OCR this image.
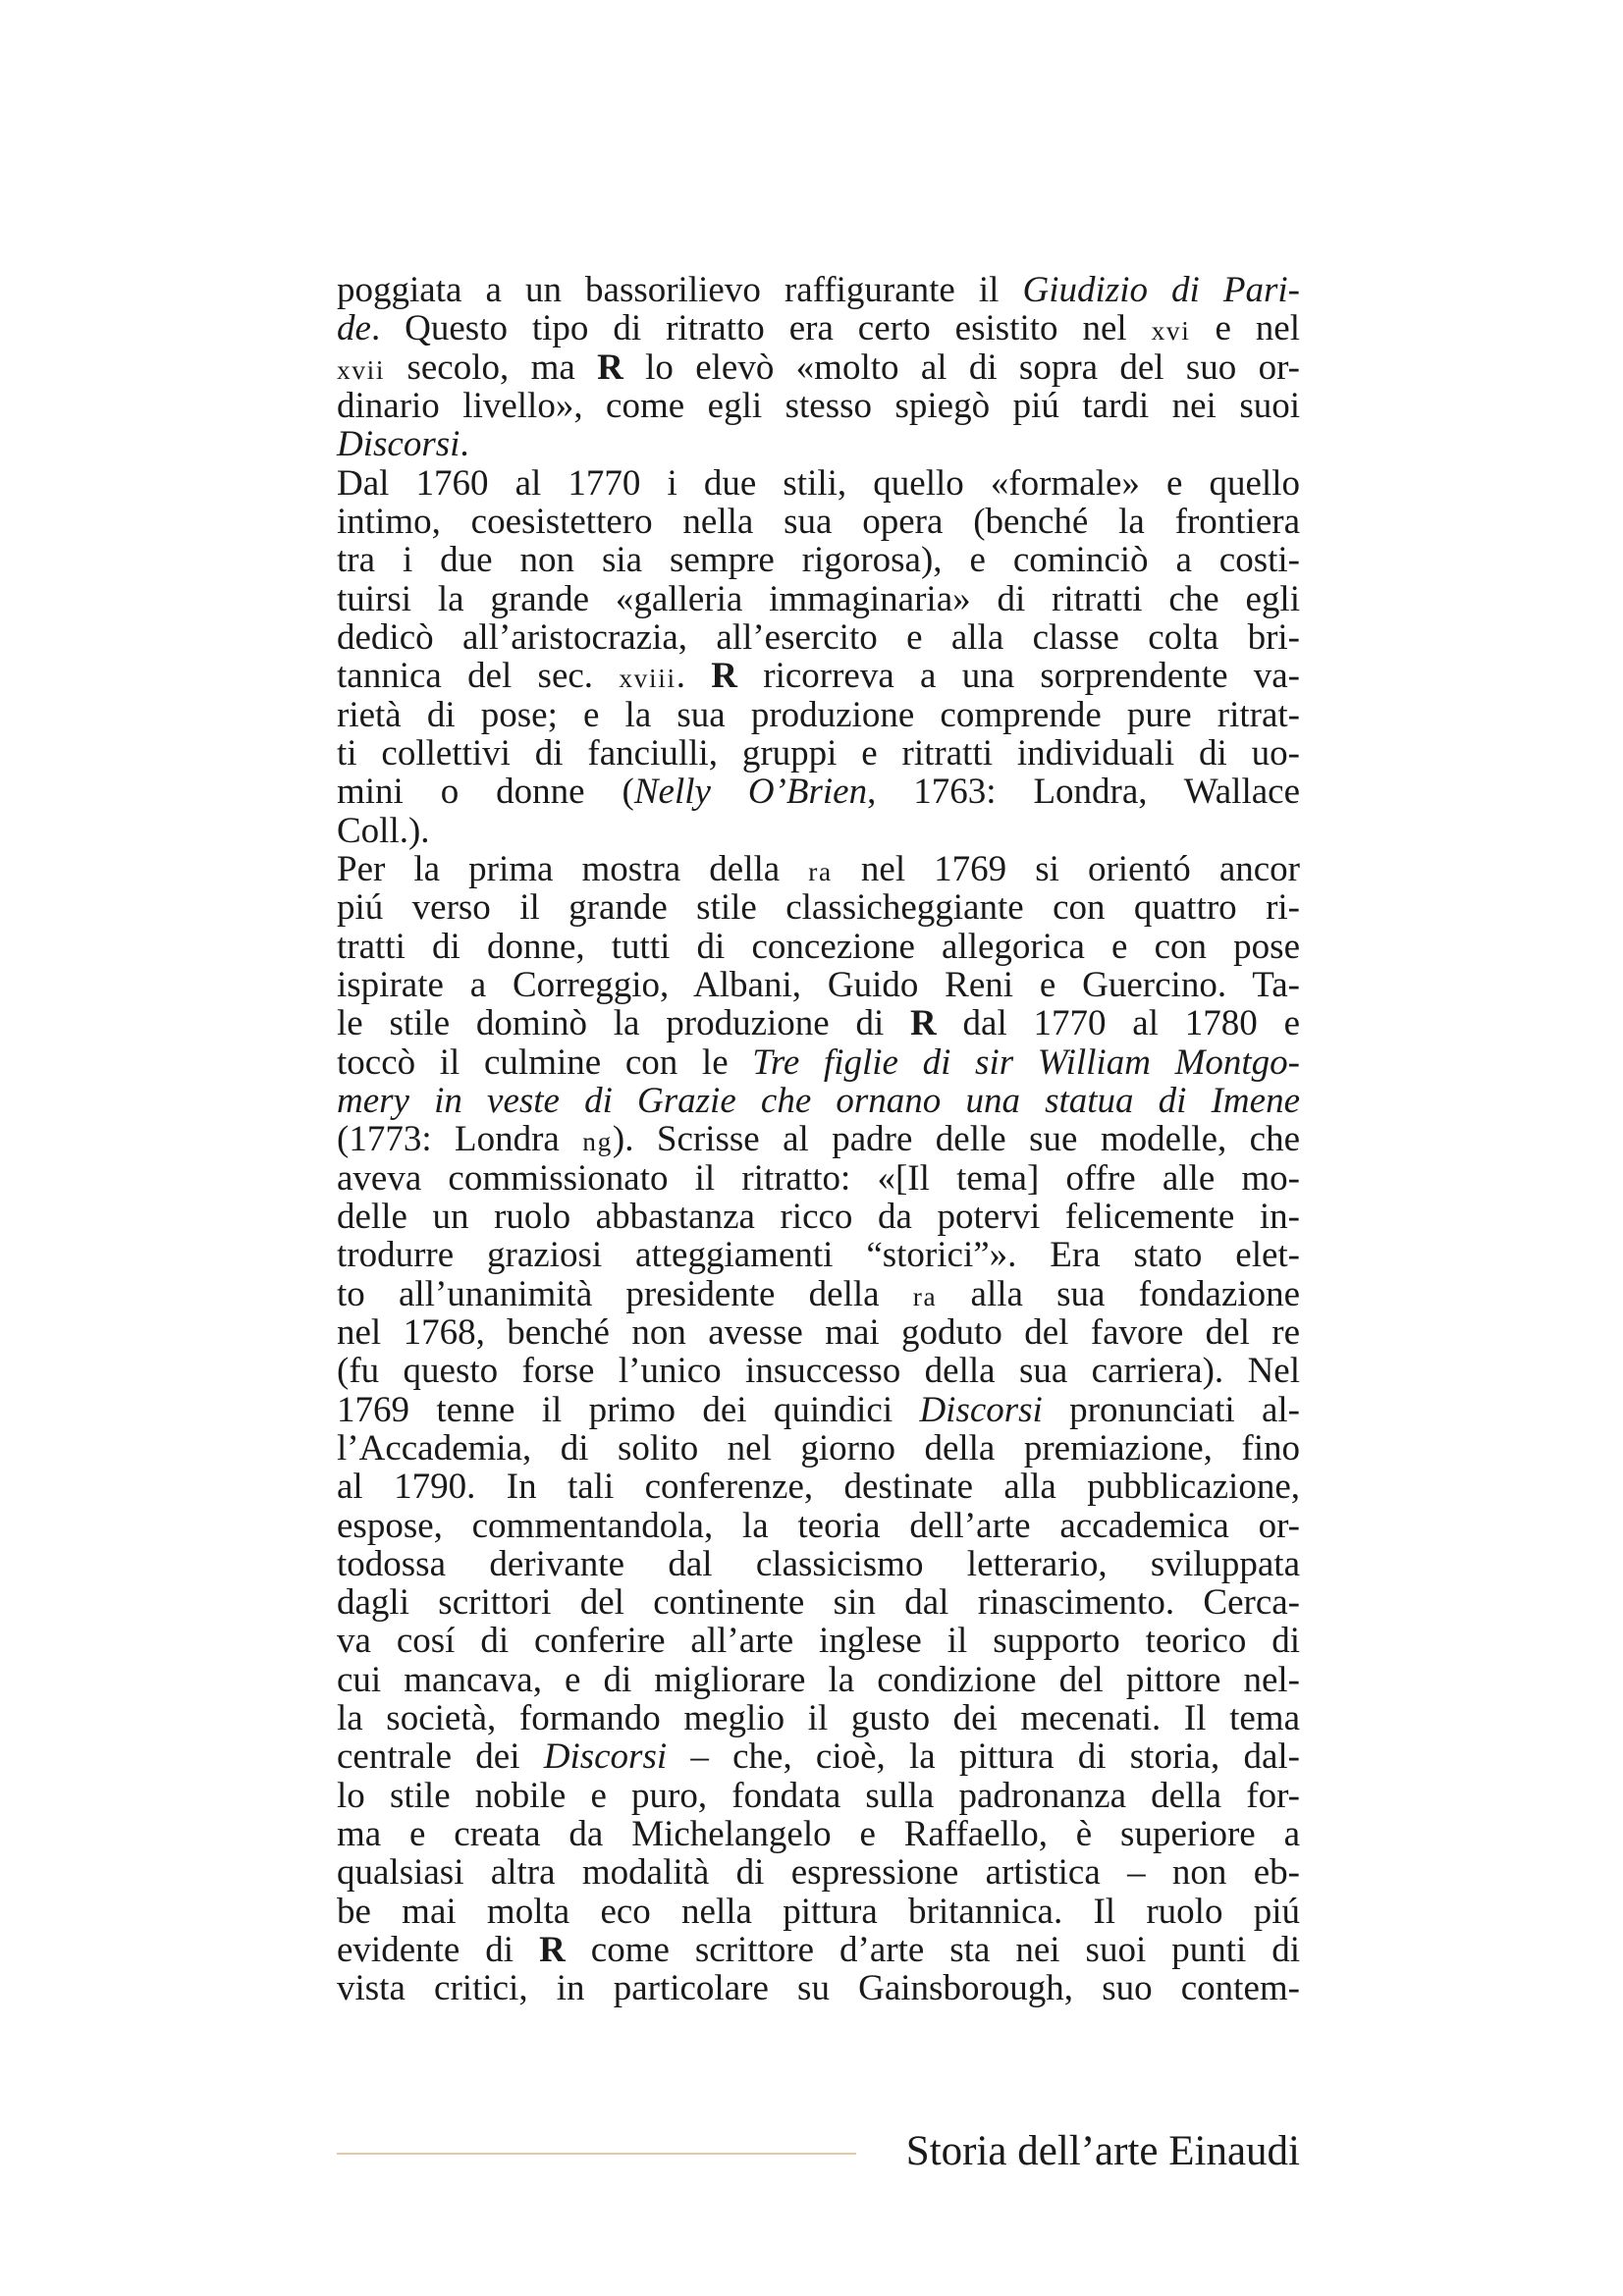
poggiata a un bassorilievo raffigurante il Giudizio di Pari-
de. Questo tipo di ritratto era certo esistito nel xvi e nel
xvii secolo, ma R lo elevò «molto al di sopra del suo or-
dinario livello», come egli stesso spiegò piú tardi nei suoi
Discorsi.
Dal 1760 al 1770 i due stili, quello «formale» e quello
intimo, coesistettero nella sua opera (benché la frontiera
tra i due non sia sempre rigorosa), e cominciò a costi-
tuirsi la grande «galleria immaginaria» di ritratti che egli
dedicò all’aristocrazia, all’esercito e alla classe colta bri-
tannica del sec. xviii. R ricorreva a una sorprendente va-
rietà di pose; e la sua produzione comprende pure ritrat-
ti collettivi di fanciulli, gruppi e ritratti individuali di uo-
mini o donne (Nelly O’Brien, 1763: Londra, Wallace
Coll.).
Per la prima mostra della ra nel 1769 si orientó ancor
piú verso il grande stile classicheggiante con quattro ri-
tratti di donne, tutti di concezione allegorica e con pose
ispirate a Correggio, Albani, Guido Reni e Guercino. Ta-
le stile dominò la produzione di R dal 1770 al 1780 e
toccò il culmine con le Tre figlie di sir William Montgo-
mery in veste di Grazie che ornano una statua di Imene
(1773: Londra ng). Scrisse al padre delle sue modelle, che
aveva commissionato il ritratto: «[Il tema] offre alle mo-
delle un ruolo abbastanza ricco da potervi felicemente in-
trodurre graziosi atteggiamenti “storici”». Era stato elet-
to all’unanimità presidente della ra alla sua fondazione
nel 1768, benché non avesse mai goduto del favore del re
(fu questo forse l’unico insuccesso della sua carriera). Nel
1769 tenne il primo dei quindici Discorsi pronunciati al-
l’Accademia, di solito nel giorno della premiazione, fino
al 1790. In tali conferenze, destinate alla pubblicazione,
espose, commentandola, la teoria dell’arte accademica or-
todossa derivante dal classicismo letterario, sviluppata
dagli scrittori del continente sin dal rinascimento. Cerca-
va cosí di conferire all’arte inglese il supporto teorico di
cui mancava, e di migliorare la condizione del pittore nel-
la società, formando meglio il gusto dei mecenati. Il tema
centrale dei Discorsi – che, cioè, la pittura di storia, dal-
lo stile nobile e puro, fondata sulla padronanza della for-
ma e creata da Michelangelo e Raffaello, è superiore a
qualsiasi altra modalità di espressione artistica – non eb-
be mai molta eco nella pittura britannica. Il ruolo piú
evidente di R come scrittore d’arte sta nei suoi punti di
vista critici, in particolare su Gainsborough, suo contem-
Storia dell’arte Einaudi
